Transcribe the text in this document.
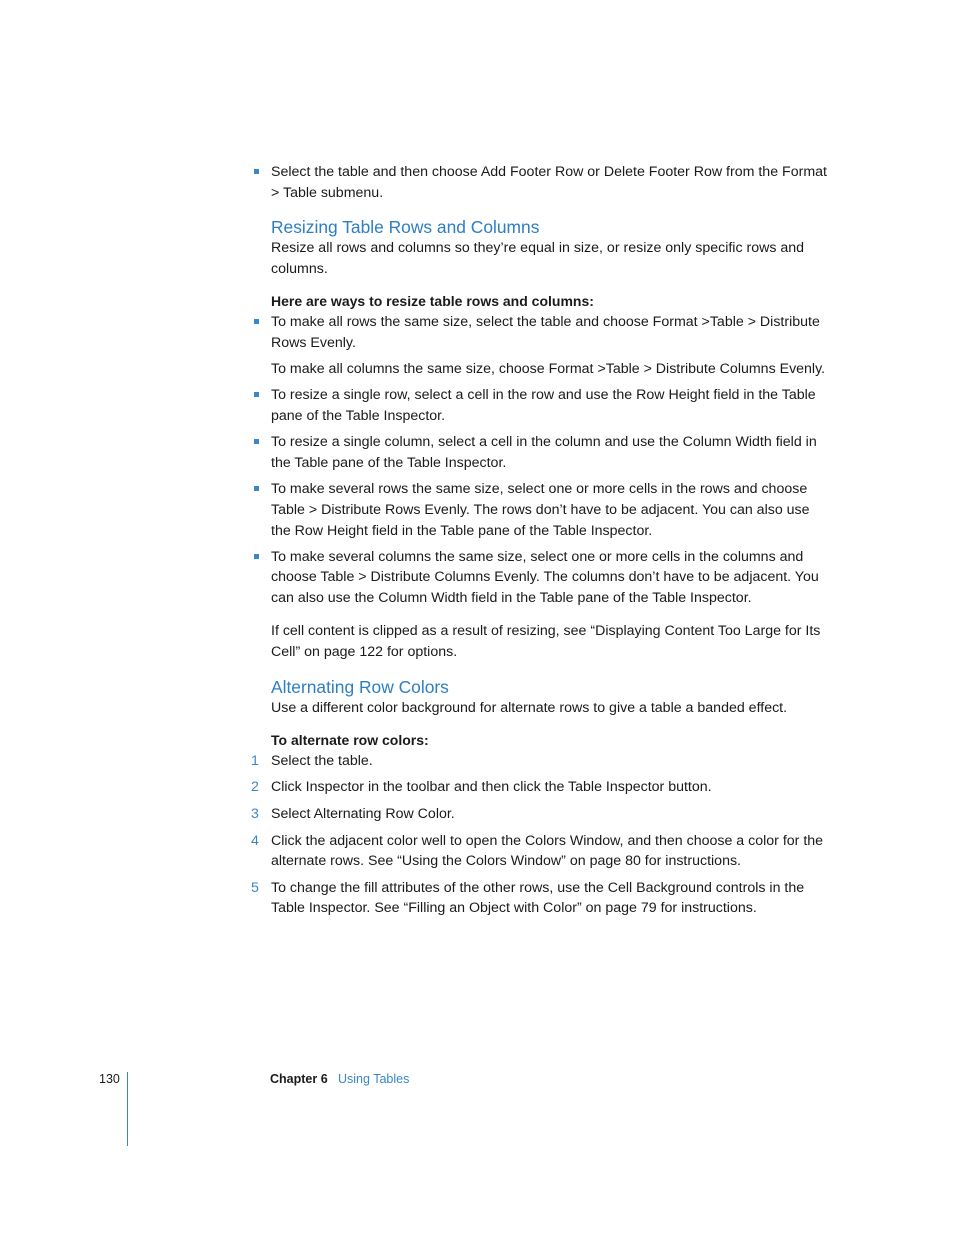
Select the table and then choose Add Footer Row or Delete Footer Row from the Format > Table submenu.
Resizing Table Rows and Columns
Resize all rows and columns so they’re equal in size, or resize only specific rows and columns.
Here are ways to resize table rows and columns:
To make all rows the same size, select the table and choose Format >Table > Distribute Rows Evenly.
To make all columns the same size, choose Format >Table > Distribute Columns Evenly.
To resize a single row, select a cell in the row and use the Row Height field in the Table pane of the Table Inspector.
To resize a single column, select a cell in the column and use the Column Width field in the Table pane of the Table Inspector.
To make several rows the same size, select one or more cells in the rows and choose Table > Distribute Rows Evenly. The rows don’t have to be adjacent. You can also use the Row Height field in the Table pane of the Table Inspector.
To make several columns the same size, select one or more cells in the columns and choose Table > Distribute Columns Evenly. The columns don’t have to be adjacent. You can also use the Column Width field in the Table pane of the Table Inspector.
If cell content is clipped as a result of resizing, see “Displaying Content Too Large for Its Cell” on page 122 for options.
Alternating Row Colors
Use a different color background for alternate rows to give a table a banded effect.
To alternate row colors:
1 Select the table.
2 Click Inspector in the toolbar and then click the Table Inspector button.
3 Select Alternating Row Color.
4 Click the adjacent color well to open the Colors Window, and then choose a color for the alternate rows. See “Using the Colors Window” on page 80 for instructions.
5 To change the fill attributes of the other rows, use the Cell Background controls in the Table Inspector. See “Filling an Object with Color” on page 79 for instructions.
130	Chapter 6 Using Tables
